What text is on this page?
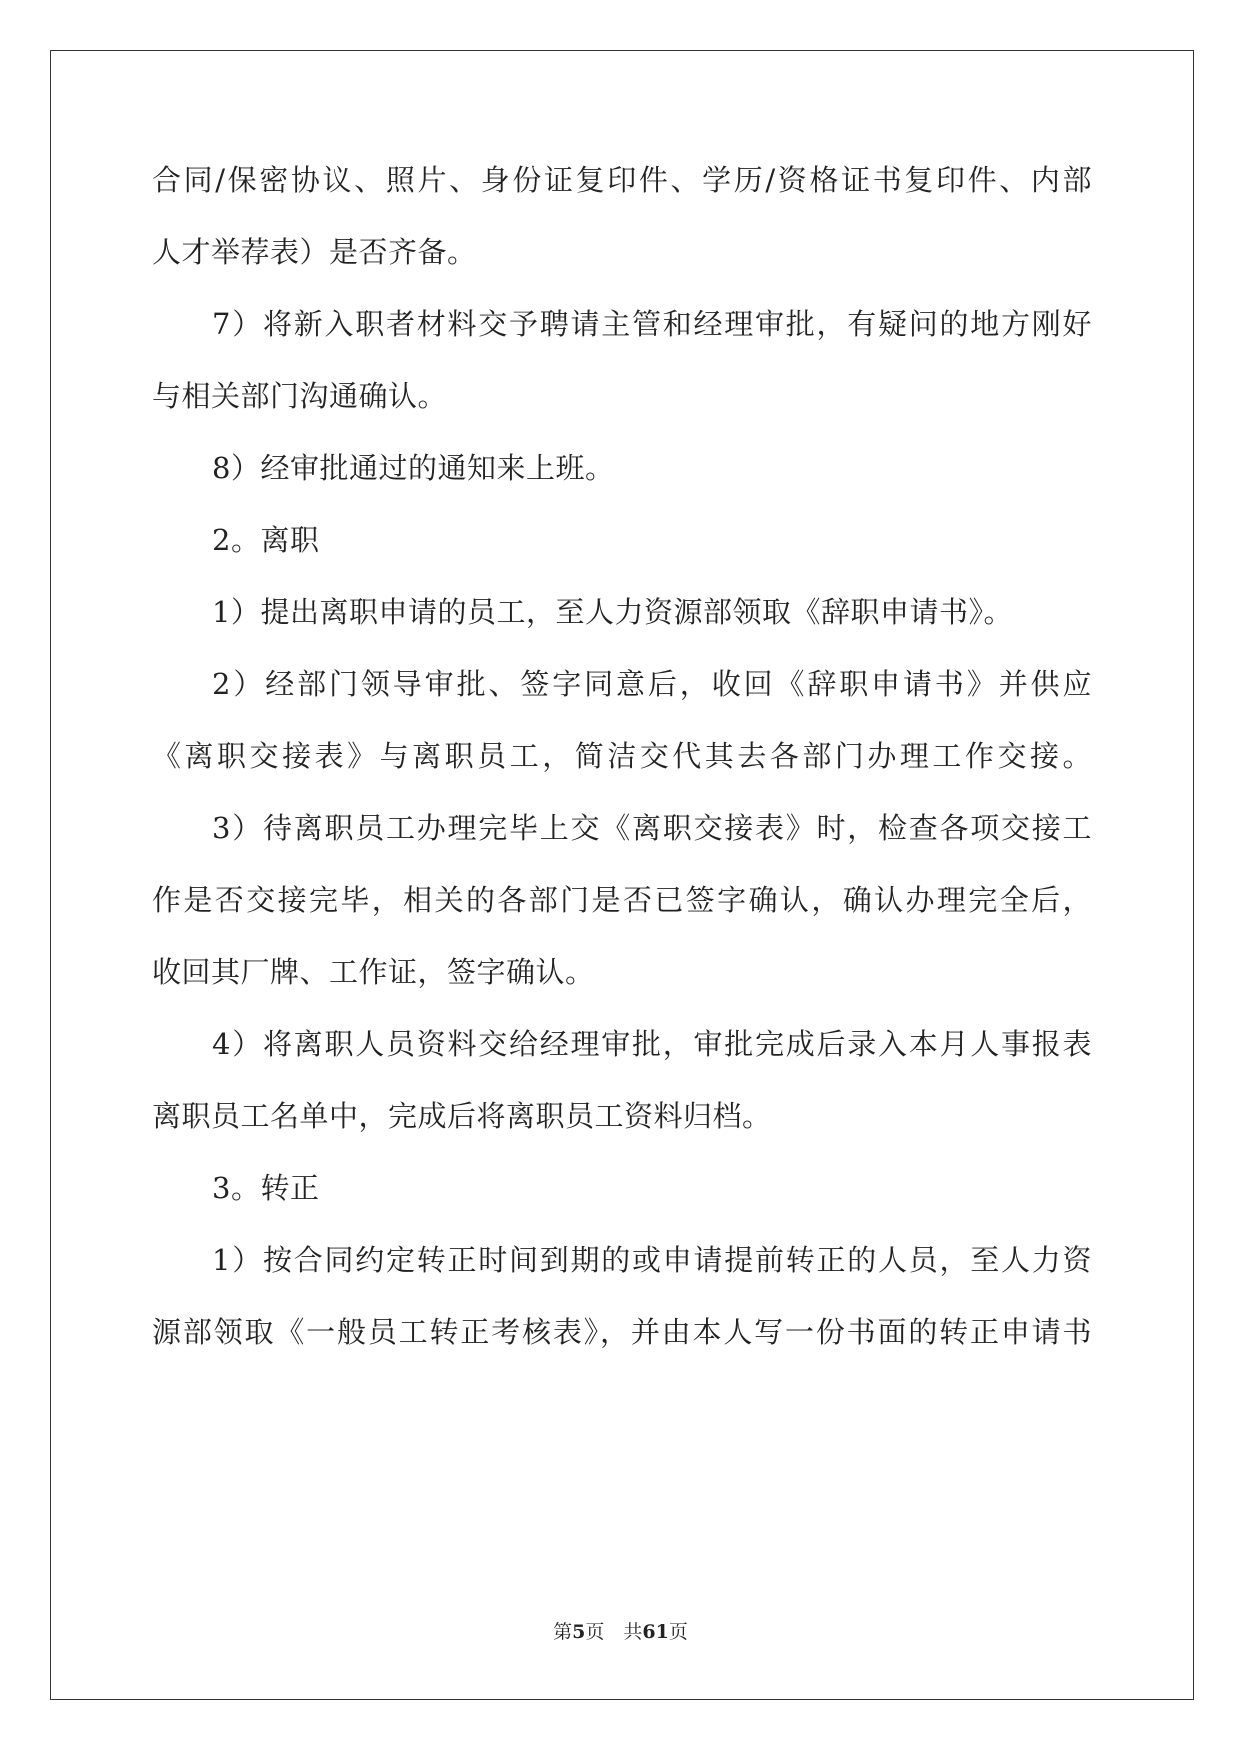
合同/保密协议、照片、身份证复印件、学历/资格证书复印件、内部
人才举荐表）是否齐备。
7）将新入职者材料交予聘请主管和经理审批，有疑问的地方刚好
与相关部门沟通确认。
8）经审批通过的通知来上班。
2。离职
1）提出离职申请的员工，至人力资源部领取《辞职申请书》。
2）经部门领导审批、签字同意后，收回《辞职申请书》并供应
《离职交接表》与离职员工，简洁交代其去各部门办理工作交接。
3）待离职员工办理完毕上交《离职交接表》时，检查各项交接工
作是否交接完毕，相关的各部门是否已签字确认，确认办理完全后，
收回其厂牌、工作证，签字确认。
4）将离职人员资料交给经理审批，审批完成后录入本月人事报表
离职员工名单中，完成后将离职员工资料归档。
3。转正
1）按合同约定转正时间到期的或申请提前转正的人员，至人力资
源部领取《一般员工转正考核表》，并由本人写一份书面的转正申请书
第5页　共61页
